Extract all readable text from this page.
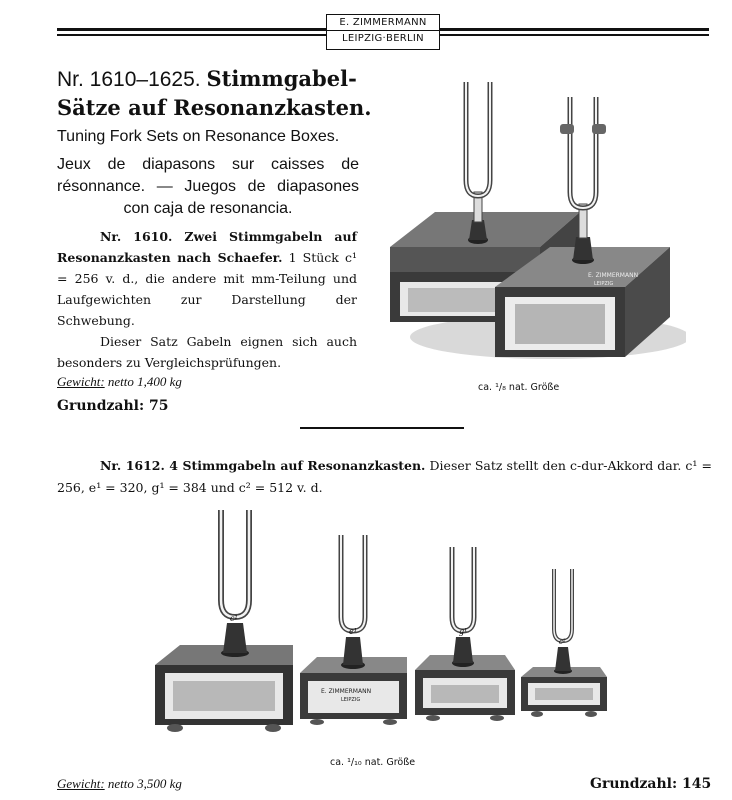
E. ZIMMERMANN
LEIPZIG·BERLIN
Nr. 1610–1625. Stimmgabel-
Sätze auf Resonanzkasten.
Tuning Fork Sets on Resonance Boxes.
Jeux de diapasons sur caisses de résonnance. — Juegos de diapasones con caja de resonancia.
Nr. 1610. Zwei Stimmgabeln auf Resonanzkasten nach Schaefer. 1 Stück c¹ = 256 v. d., die andere mit mm-Teilung und Laufgewichten zur Darstellung der Schwebung.
Dieser Satz Gabeln eignen sich auch besonders zu Vergleichsprüfungen.
Gewicht: netto 1,400 kg
Grundzahl: 75
E. ZIMMERMANN
LEIPZIG
ca. ¹/₈ nat. Größe
Nr. 1612. 4 Stimmgabeln auf Resonanzkasten. Dieser Satz stellt den c-dur-Akkord dar. c¹ = 256, e¹ = 320, g¹ = 384 und c² = 512 v. d.
E. ZIMMERMANN
LEIPZIG
c¹
e¹	g¹
c²
ca. ¹/₁₀ nat. Größe
Gewicht: netto 3,500 kg	Grundzahl: 145
